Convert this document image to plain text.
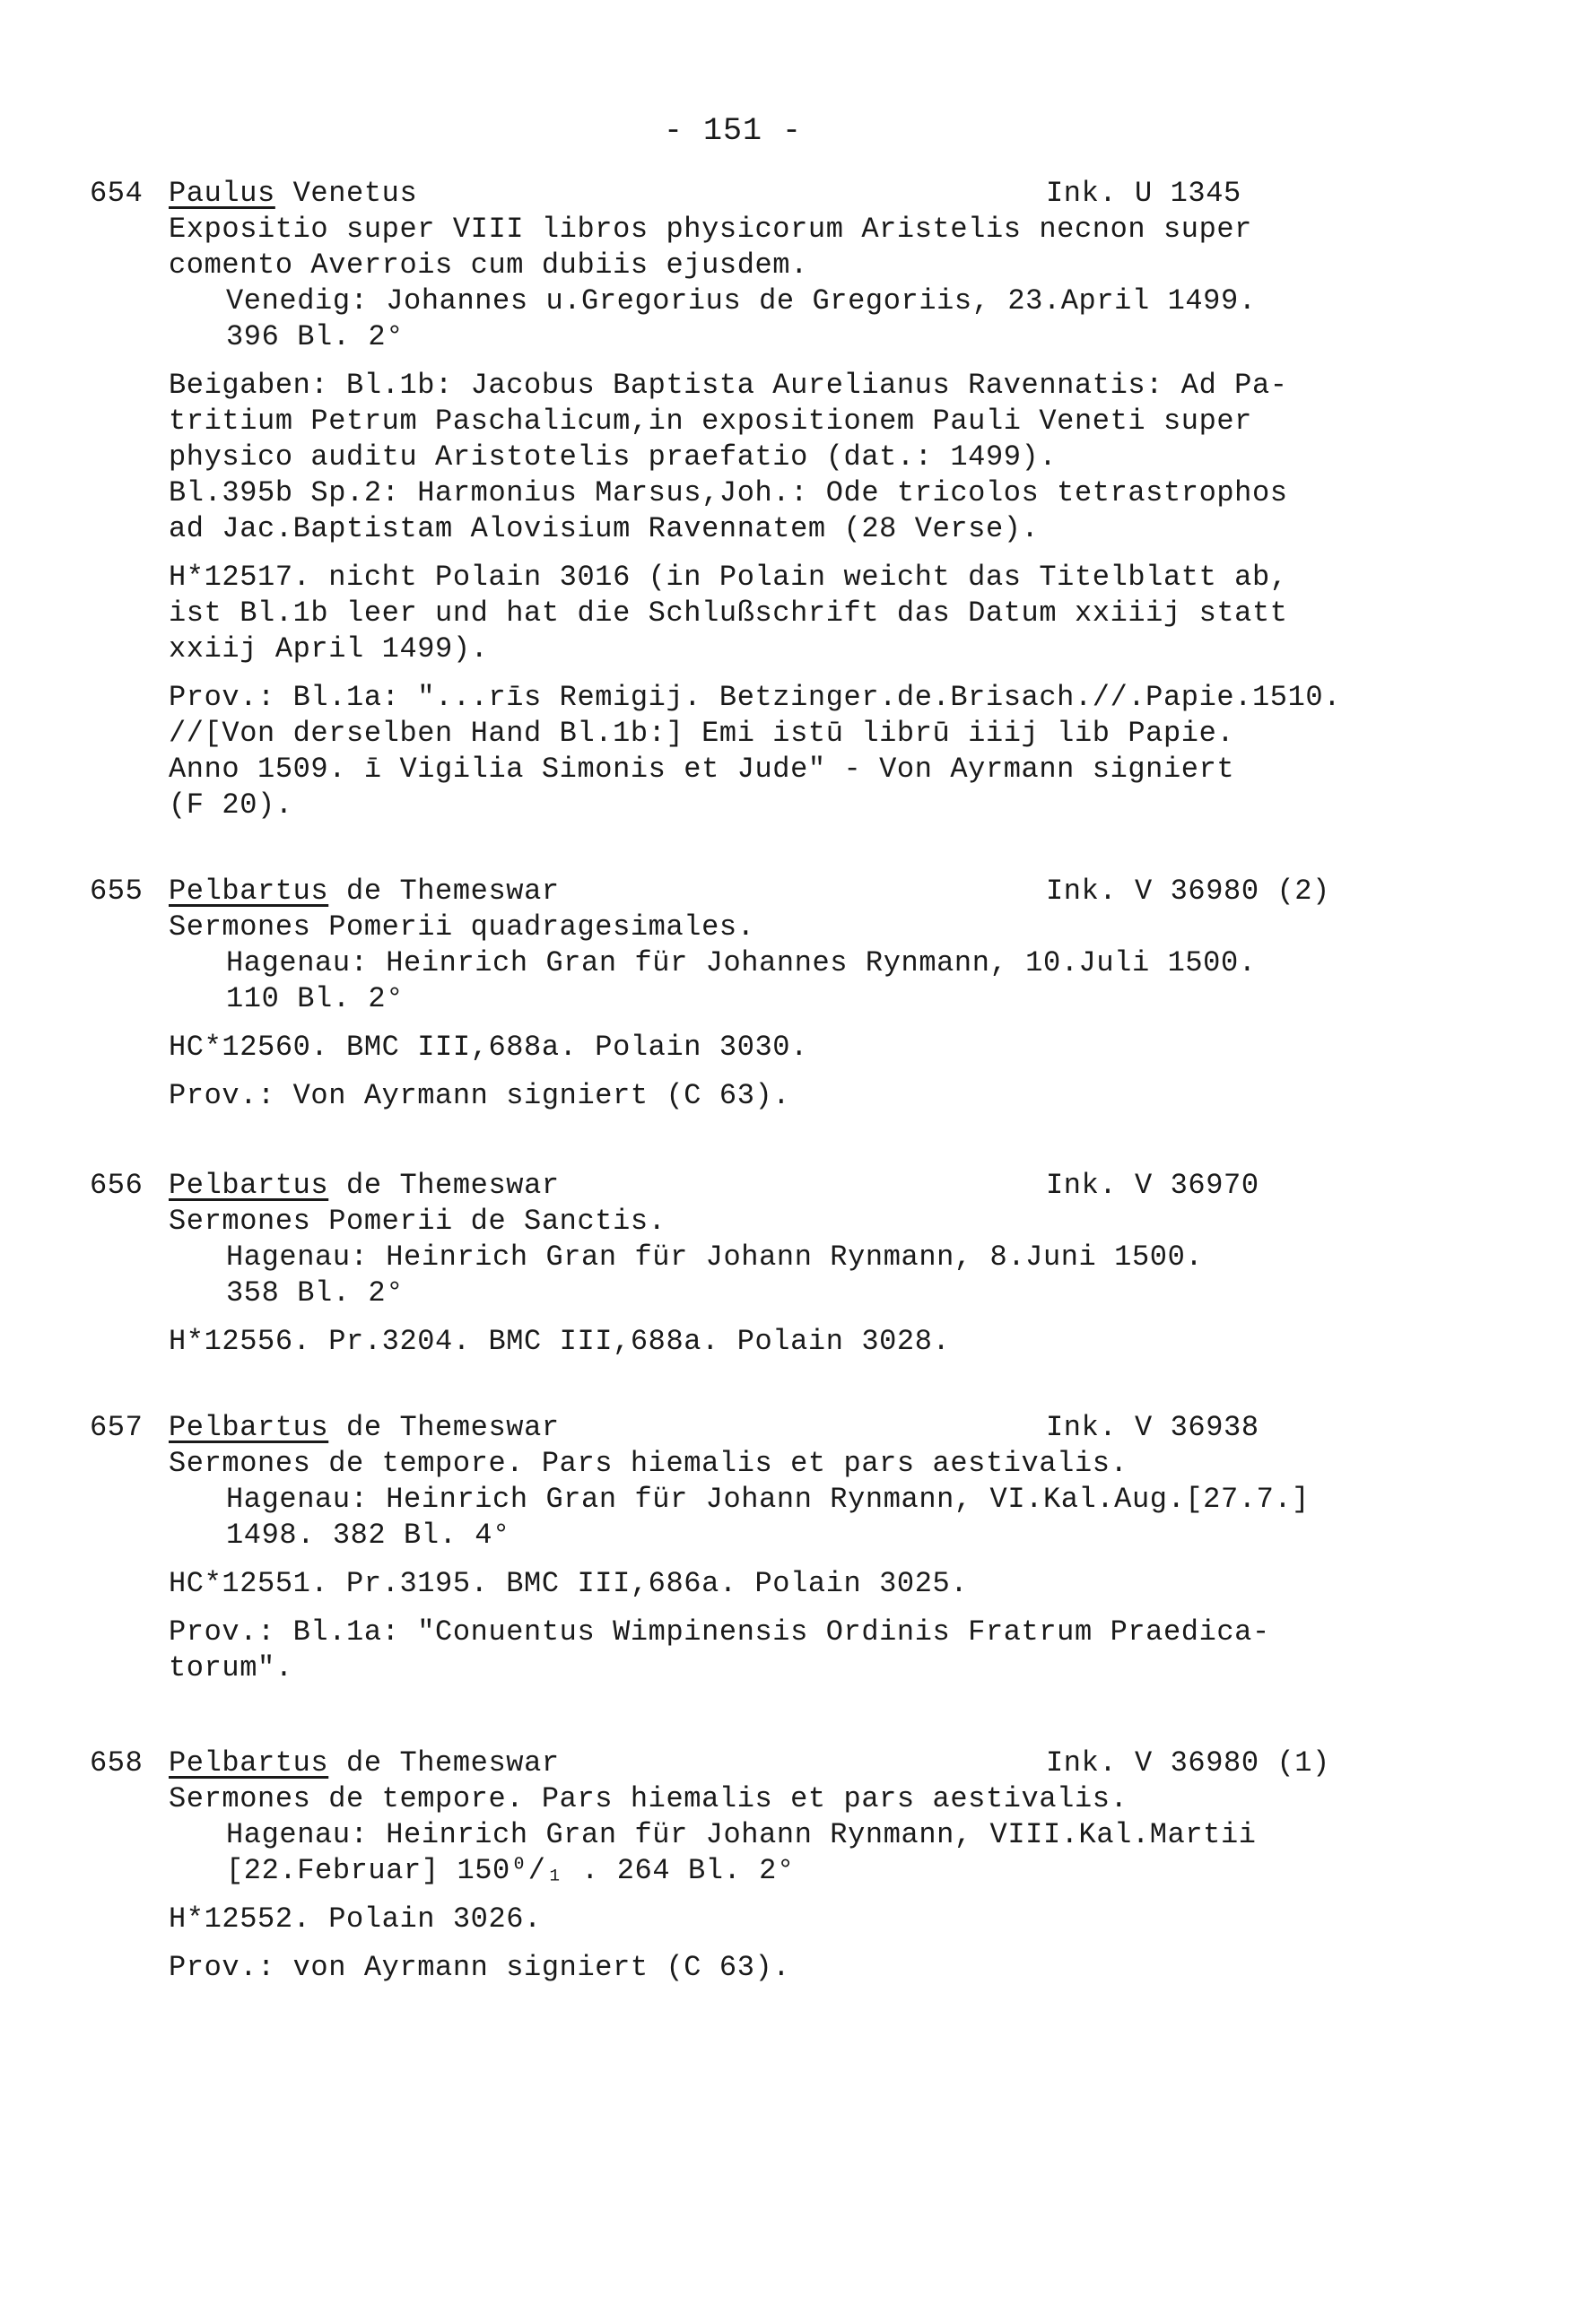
- 151 -

654

Paulus Venetus

	Ink. U 1345

Expositio super VIII libros physicorum Aristelis necnon super
comento Averrois cum dubiis ejusdem.
Venedig: Johannes u.Gregorius de Gregoriis, 23.April 1499.
396 Bl. 2°
Beigaben: Bl.1b: Jacobus Baptista Aurelianus Ravennatis: Ad Pa-
tritium Petrum Paschalicum,in expositionem Pauli Veneti super
physico auditu Aristotelis praefatio (dat.: 1499).
Bl.395b Sp.2: Harmonius Marsus,Joh.: Ode tricolos tetrastrophos
ad Jac.Baptistam Alovisium Ravennatem (28 Verse).
H*12517. nicht Polain 3016 (in Polain weicht das Titelblatt ab,
ist Bl.1b leer und hat die Schlußschrift das Datum xxiiij statt
xxiij April 1499).
Prov.: Bl.1a: "...rīs Remigij. Betzinger.de.Brisach.//.Papie.1510.
//[Von derselben Hand Bl.1b:] Emi istū librū iiij lib Papie.
Anno 1509. ī Vigilia Simonis et Jude" - Von Ayrmann signiert
(F 20).

655

Pelbartus de Themeswar

	Ink. V 36980 (2)

Sermones Pomerii quadragesimales.
Hagenau: Heinrich Gran für Johannes Rynmann, 10.Juli 1500.
110 Bl. 2°
HC*12560. BMC III,688a. Polain 3030.
Prov.: Von Ayrmann signiert (C 63).

656

Pelbartus de Themeswar

	Ink. V 36970

Sermones Pomerii de Sanctis.
Hagenau: Heinrich Gran für Johann Rynmann, 8.Juni 1500.
358 Bl. 2°
H*12556. Pr.3204. BMC III,688a. Polain 3028.

657

Pelbartus de Themeswar

	Ink. V 36938

Sermones de tempore. Pars hiemalis et pars aestivalis.
Hagenau: Heinrich Gran für Johann Rynmann, VI.Kal.Aug.[27.7.]
1498. 382 Bl. 4°
HC*12551. Pr.3195. BMC III,686a. Polain 3025.
Prov.: Bl.1a: "Conuentus Wimpinensis Ordinis Fratrum Praedica-
torum".

658

Pelbartus de Themeswar

	Ink. V 36980 (1)

Sermones de tempore. Pars hiemalis et pars aestivalis.
Hagenau: Heinrich Gran für Johann Rynmann, VIII.Kal.Martii
[22.Februar] 150⁰/₁ . 264 Bl. 2°
H*12552. Polain 3026.
Prov.: von Ayrmann signiert (C 63).
